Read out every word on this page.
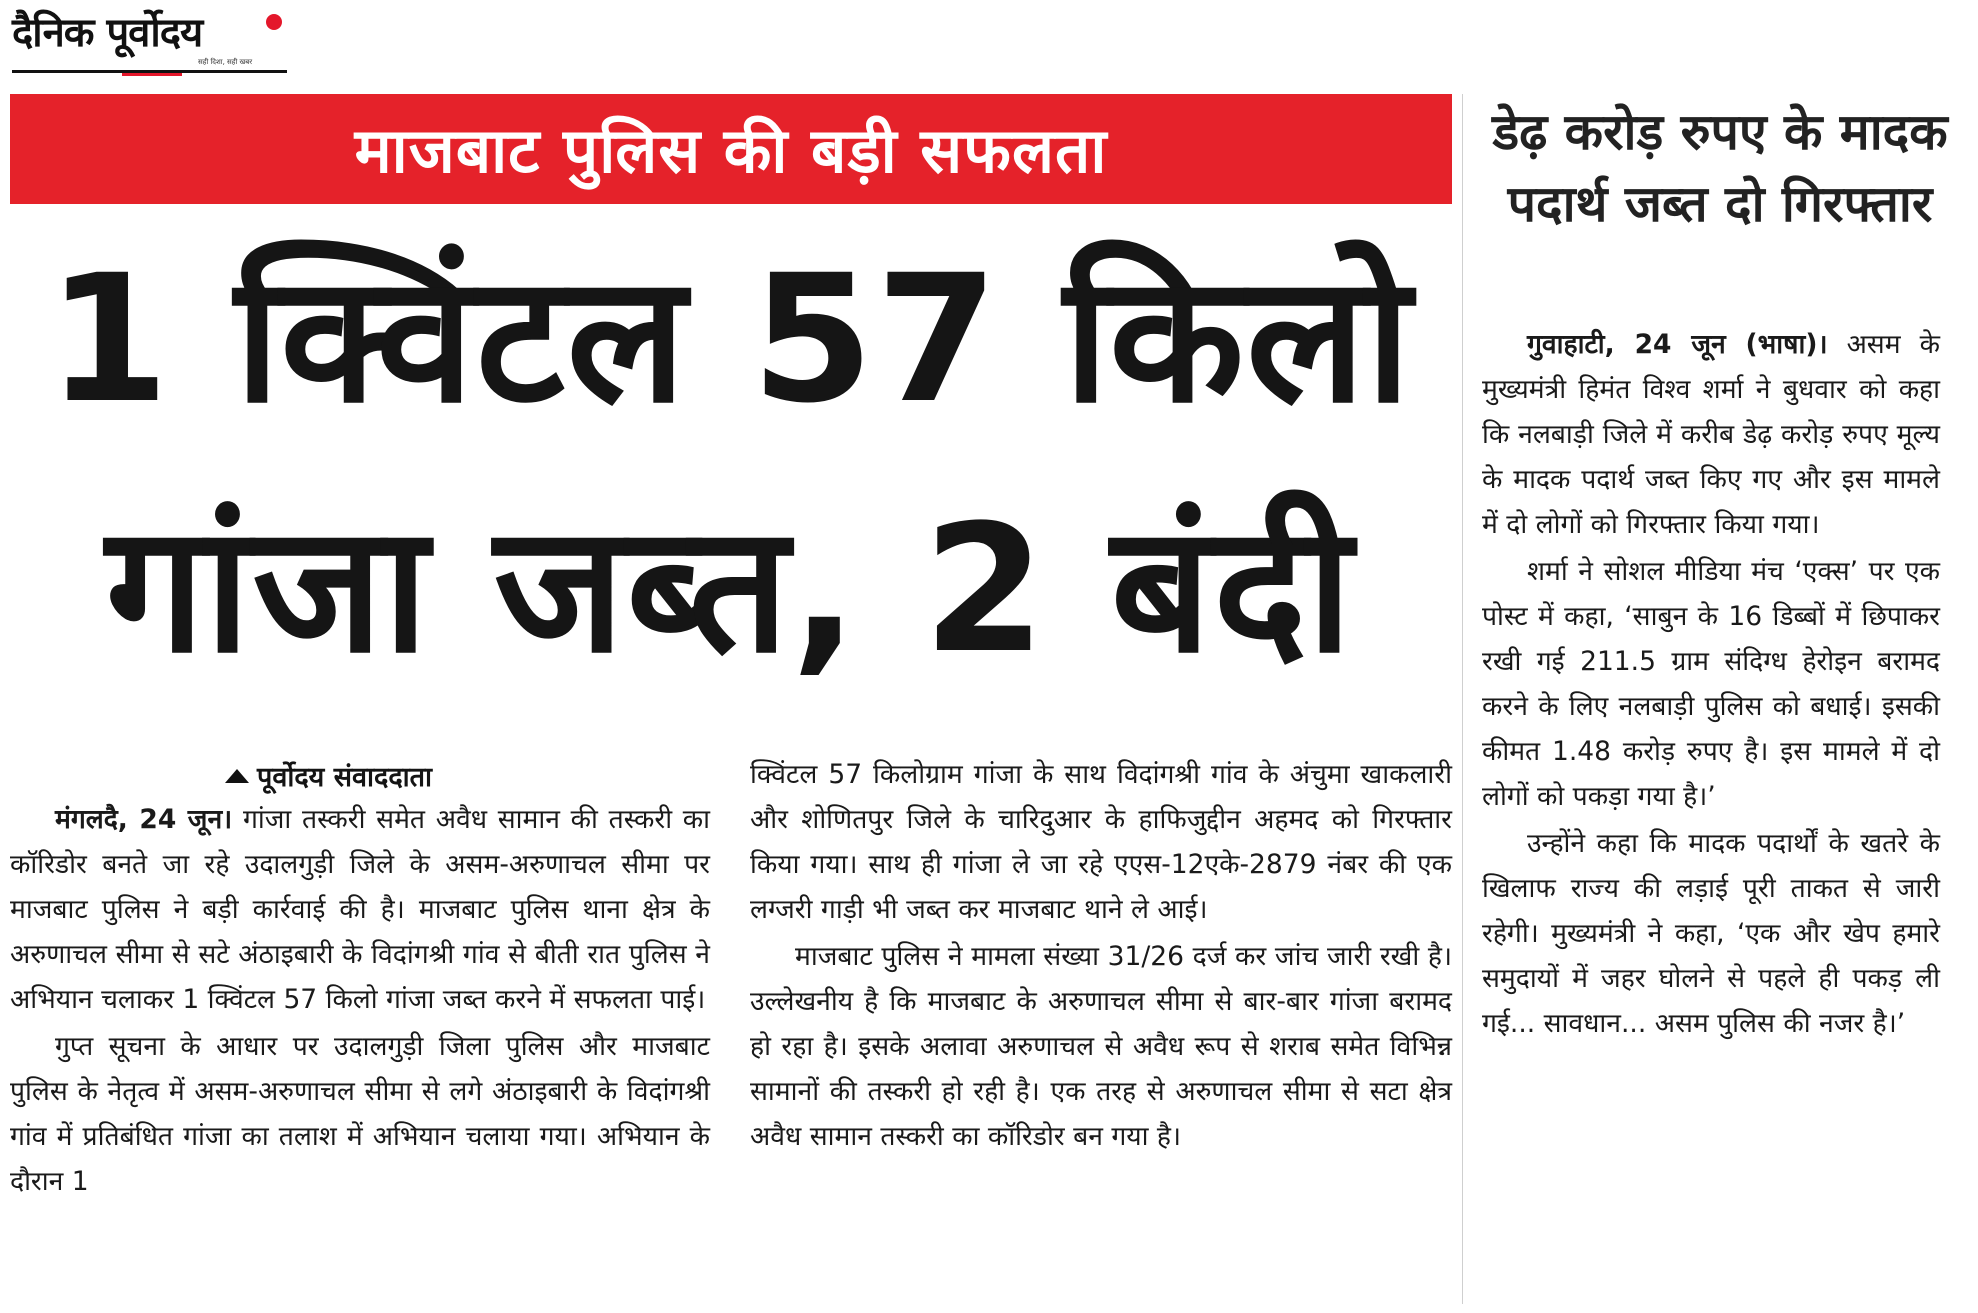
दैनिक पूर्वोदय
सही दिशा, सही खबर
माजबाट पुलिस की बड़ी सफलता
1 क्विंटल 57 किलो
गांजा जब्त, 2 बंदी
पूर्वोदय संवाददाता

मंगलदै, 24 जून। गांजा तस्करी समेत अवैध सामान की तस्करी का कॉरिडोर बनते जा रहे उदालगुड़ी जिले के असम-अरुणाचल सीमा पर माजबाट पुलिस ने बड़ी कार्रवाई की है। माजबाट पुलिस थाना क्षेत्र के अरुणाचल सीमा से सटे अंठाइबारी के विदांगश्री गांव से बीती रात पुलिस ने अभियान चलाकर 1 क्विंटल 57 किलो गांजा जब्त करने में सफलता पाई।

गुप्त सूचना के आधार पर उदालगुड़ी जिला पुलिस और माजबाट पुलिस के नेतृत्व में असम-अरुणाचल सीमा से लगे अंठाइबारी के विदांगश्री गांव में प्रतिबंधित गांजा का तलाश में अभियान चलाया गया। अभियान के दौरान 1

क्विंटल 57 किलोग्राम गांजा के साथ विदांगश्री गांव के अंचुमा खाकलारी और शोणितपुर जिले के चारिदुआर के हाफिजुद्दीन अहमद को गिरफ्तार किया गया। साथ ही गांजा ले जा रहे एएस-12एके-2879 नंबर की एक लग्जरी गाड़ी भी जब्त कर माजबाट थाने ले आई।

माजबाट पुलिस ने मामला संख्या 31/26 दर्ज कर जांच जारी रखी है। उल्लेखनीय है कि माजबाट के अरुणाचल सीमा से बार-बार गांजा बरामद हो रहा है। इसके अलावा अरुणाचल से अवैध रूप से शराब समेत विभिन्न सामानों की तस्करी हो रही है। एक तरह से अरुणाचल सीमा से सटा क्षेत्र अवैध सामान तस्करी का कॉरिडोर बन गया है।

डेढ़ करोड़ रुपए के मादक पदार्थ जब्त दो गिरफ्तार

गुवाहाटी, 24 जून (भाषा)। असम के मुख्यमंत्री हिमंत विश्व शर्मा ने बुधवार को कहा कि नलबाड़ी जिले में करीब डेढ़ करोड़ रुपए मूल्य के मादक पदार्थ जब्त किए गए और इस मामले में दो लोगों को गिरफ्तार किया गया।

शर्मा ने सोशल मीडिया मंच ‘एक्स’ पर एक पोस्ट में कहा, ‘साबुन के 16 डिब्बों में छिपाकर रखी गई 211.5 ग्राम संदिग्ध हेरोइन बरामद करने के लिए नलबाड़ी पुलिस को बधाई। इसकी कीमत 1.48 करोड़ रुपए है। इस मामले में दो लोगों को पकड़ा गया है।’

उन्होंने कहा कि मादक पदार्थों के खतरे के खिलाफ राज्य की लड़ाई पूरी ताकत से जारी रहेगी। मुख्यमंत्री ने कहा, ‘एक और खेप हमारे समुदायों में जहर घोलने से पहले ही पकड़ ली गई... सावधान... असम पुलिस की नजर है।’
